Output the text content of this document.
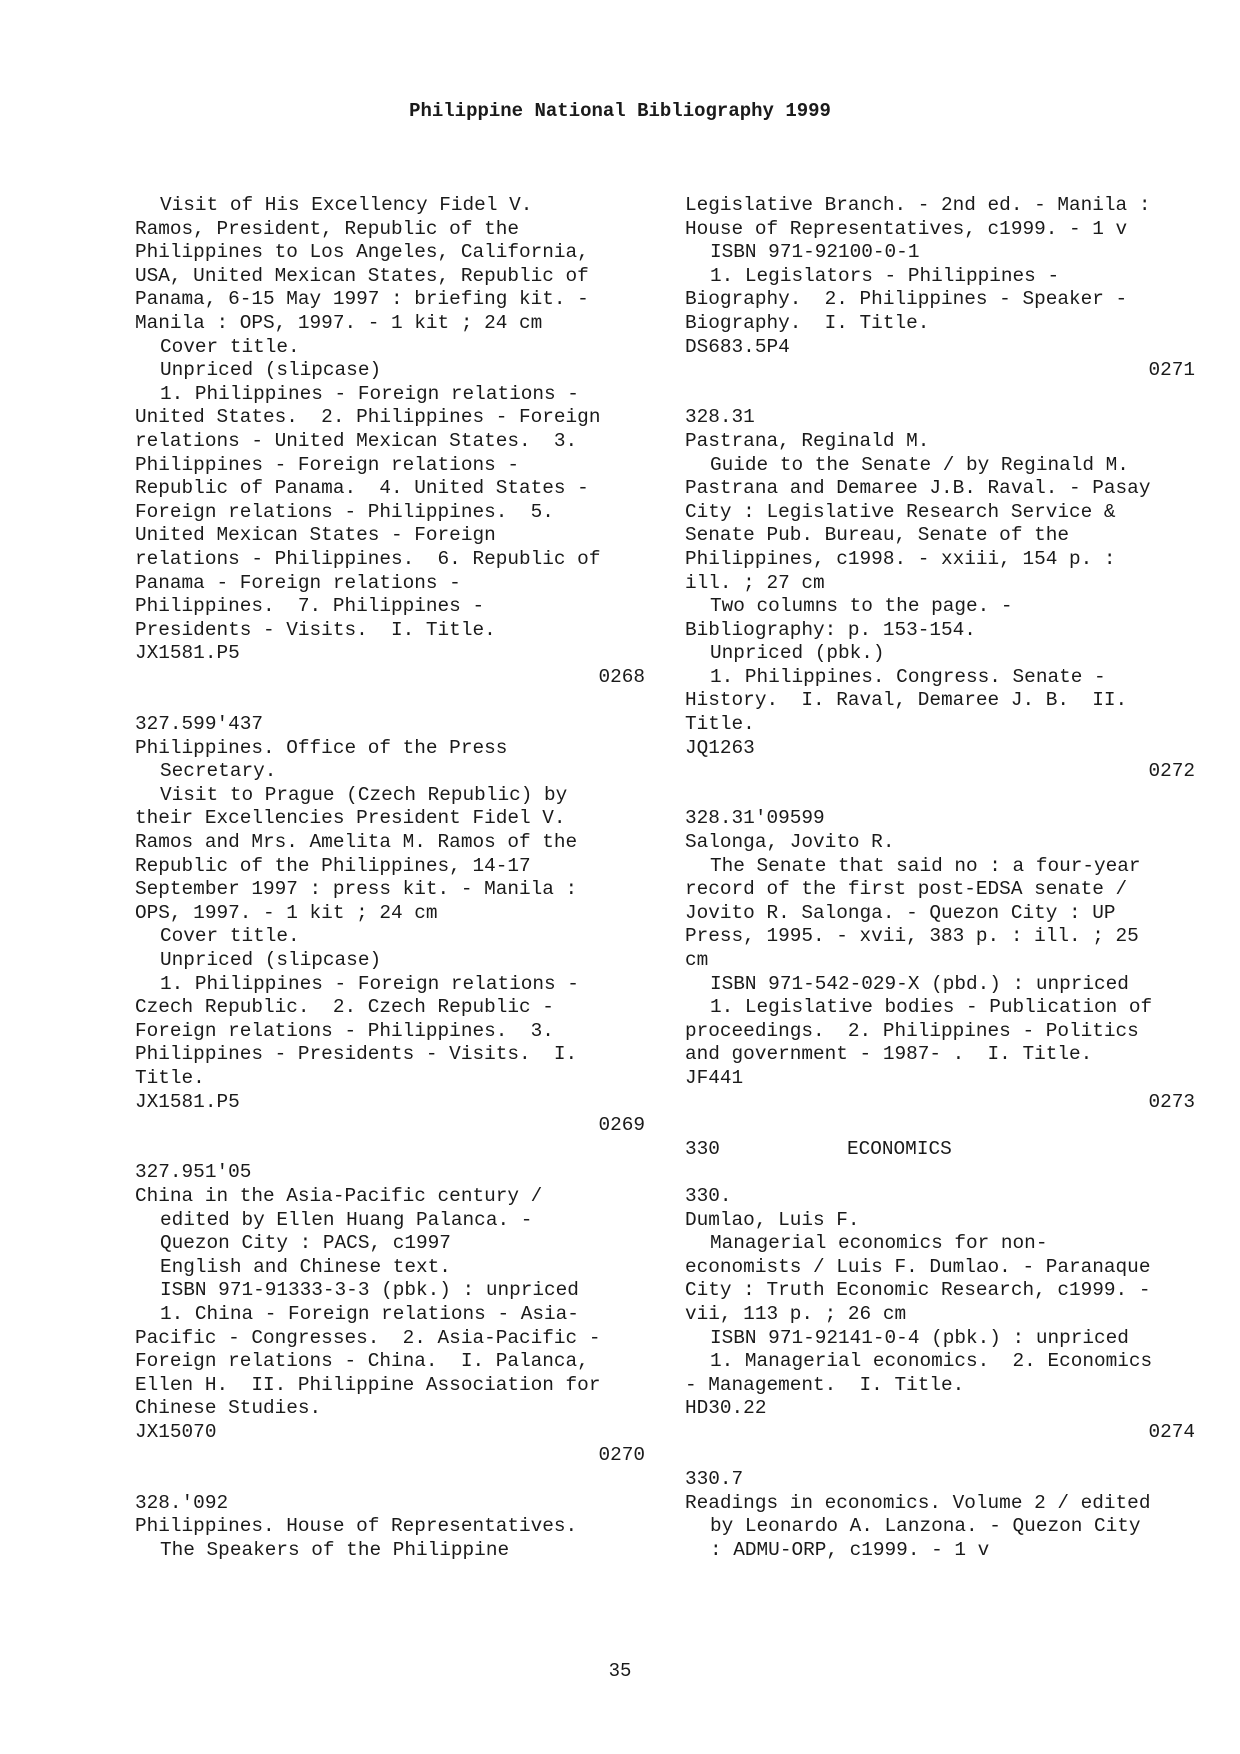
Philippine National Bibliography 1999
Visit of His Excellency Fidel V.
Ramos, President, Republic of the
Philippines to Los Angeles, California,
USA, United Mexican States, Republic of
Panama, 6-15 May 1997 : briefing kit. -
Manila : OPS, 1997. - 1 kit ; 24 cm
Cover title.
Unpriced (slipcase)
1. Philippines - Foreign relations -
United States.  2. Philippines - Foreign
relations - United Mexican States.  3.
Philippines - Foreign relations -
Republic of Panama.  4. United States -
Foreign relations - Philippines.  5.
United Mexican States - Foreign
relations - Philippines.  6. Republic of
Panama - Foreign relations -
Philippines.  7. Philippines -
Presidents - Visits.  I. Title.
JX1581.P5
0268
327.599'437
Philippines. Office of the Press
Secretary.
Visit to Prague (Czech Republic) by
their Excellencies President Fidel V.
Ramos and Mrs. Amelita M. Ramos of the
Republic of the Philippines, 14-17
September 1997 : press kit. - Manila :
OPS, 1997. - 1 kit ; 24 cm
Cover title.
Unpriced (slipcase)
1. Philippines - Foreign relations -
Czech Republic.  2. Czech Republic -
Foreign relations - Philippines.  3.
Philippines - Presidents - Visits.  I.
Title.
JX1581.P5
0269
327.951'05
China in the Asia-Pacific century /
edited by Ellen Huang Palanca. -
Quezon City : PACS, c1997
English and Chinese text.
ISBN 971-91333-3-3 (pbk.) : unpriced
1. China - Foreign relations - Asia-
Pacific - Congresses.  2. Asia-Pacific -
Foreign relations - China.  I. Palanca,
Ellen H.  II. Philippine Association for
Chinese Studies.
JX15070
0270
328.'092
Philippines. House of Representatives.
The Speakers of the Philippine
Legislative Branch. - 2nd ed. - Manila :
House of Representatives, c1999. - 1 v
ISBN 971-92100-0-1
1. Legislators - Philippines -
Biography.  2. Philippines - Speaker -
Biography.  I. Title.
DS683.5P4
0271
328.31
Pastrana, Reginald M.
Guide to the Senate / by Reginald M.
Pastrana and Demaree J.B. Raval. - Pasay
City : Legislative Research Service &
Senate Pub. Bureau, Senate of the
Philippines, c1998. - xxiii, 154 p. :
ill. ; 27 cm
Two columns to the page. -
Bibliography: p. 153-154.
Unpriced (pbk.)
1. Philippines. Congress. Senate -
History.  I. Raval, Demaree J. B.  II.
Title.
JQ1263
0272
328.31'09599
Salonga, Jovito R.
The Senate that said no : a four-year
record of the first post-EDSA senate /
Jovito R. Salonga. - Quezon City : UP
Press, 1995. - xvii, 383 p. : ill. ; 25
cm
ISBN 971-542-029-X (pbd.) : unpriced
1. Legislative bodies - Publication of
proceedings.  2. Philippines - Politics
and government - 1987- .  I. Title.
JF441
0273
330	ECONOMICS
330.
Dumlao, Luis F.
Managerial economics for non-
economists / Luis F. Dumlao. - Paranaque
City : Truth Economic Research, c1999. -
vii, 113 p. ; 26 cm
ISBN 971-92141-0-4 (pbk.) : unpriced
1. Managerial economics.  2. Economics
- Management.  I. Title.
HD30.22
0274
330.7
Readings in economics. Volume 2 / edited
by Leonardo A. Lanzona. - Quezon City
: ADMU-ORP, c1999. - 1 v
35
